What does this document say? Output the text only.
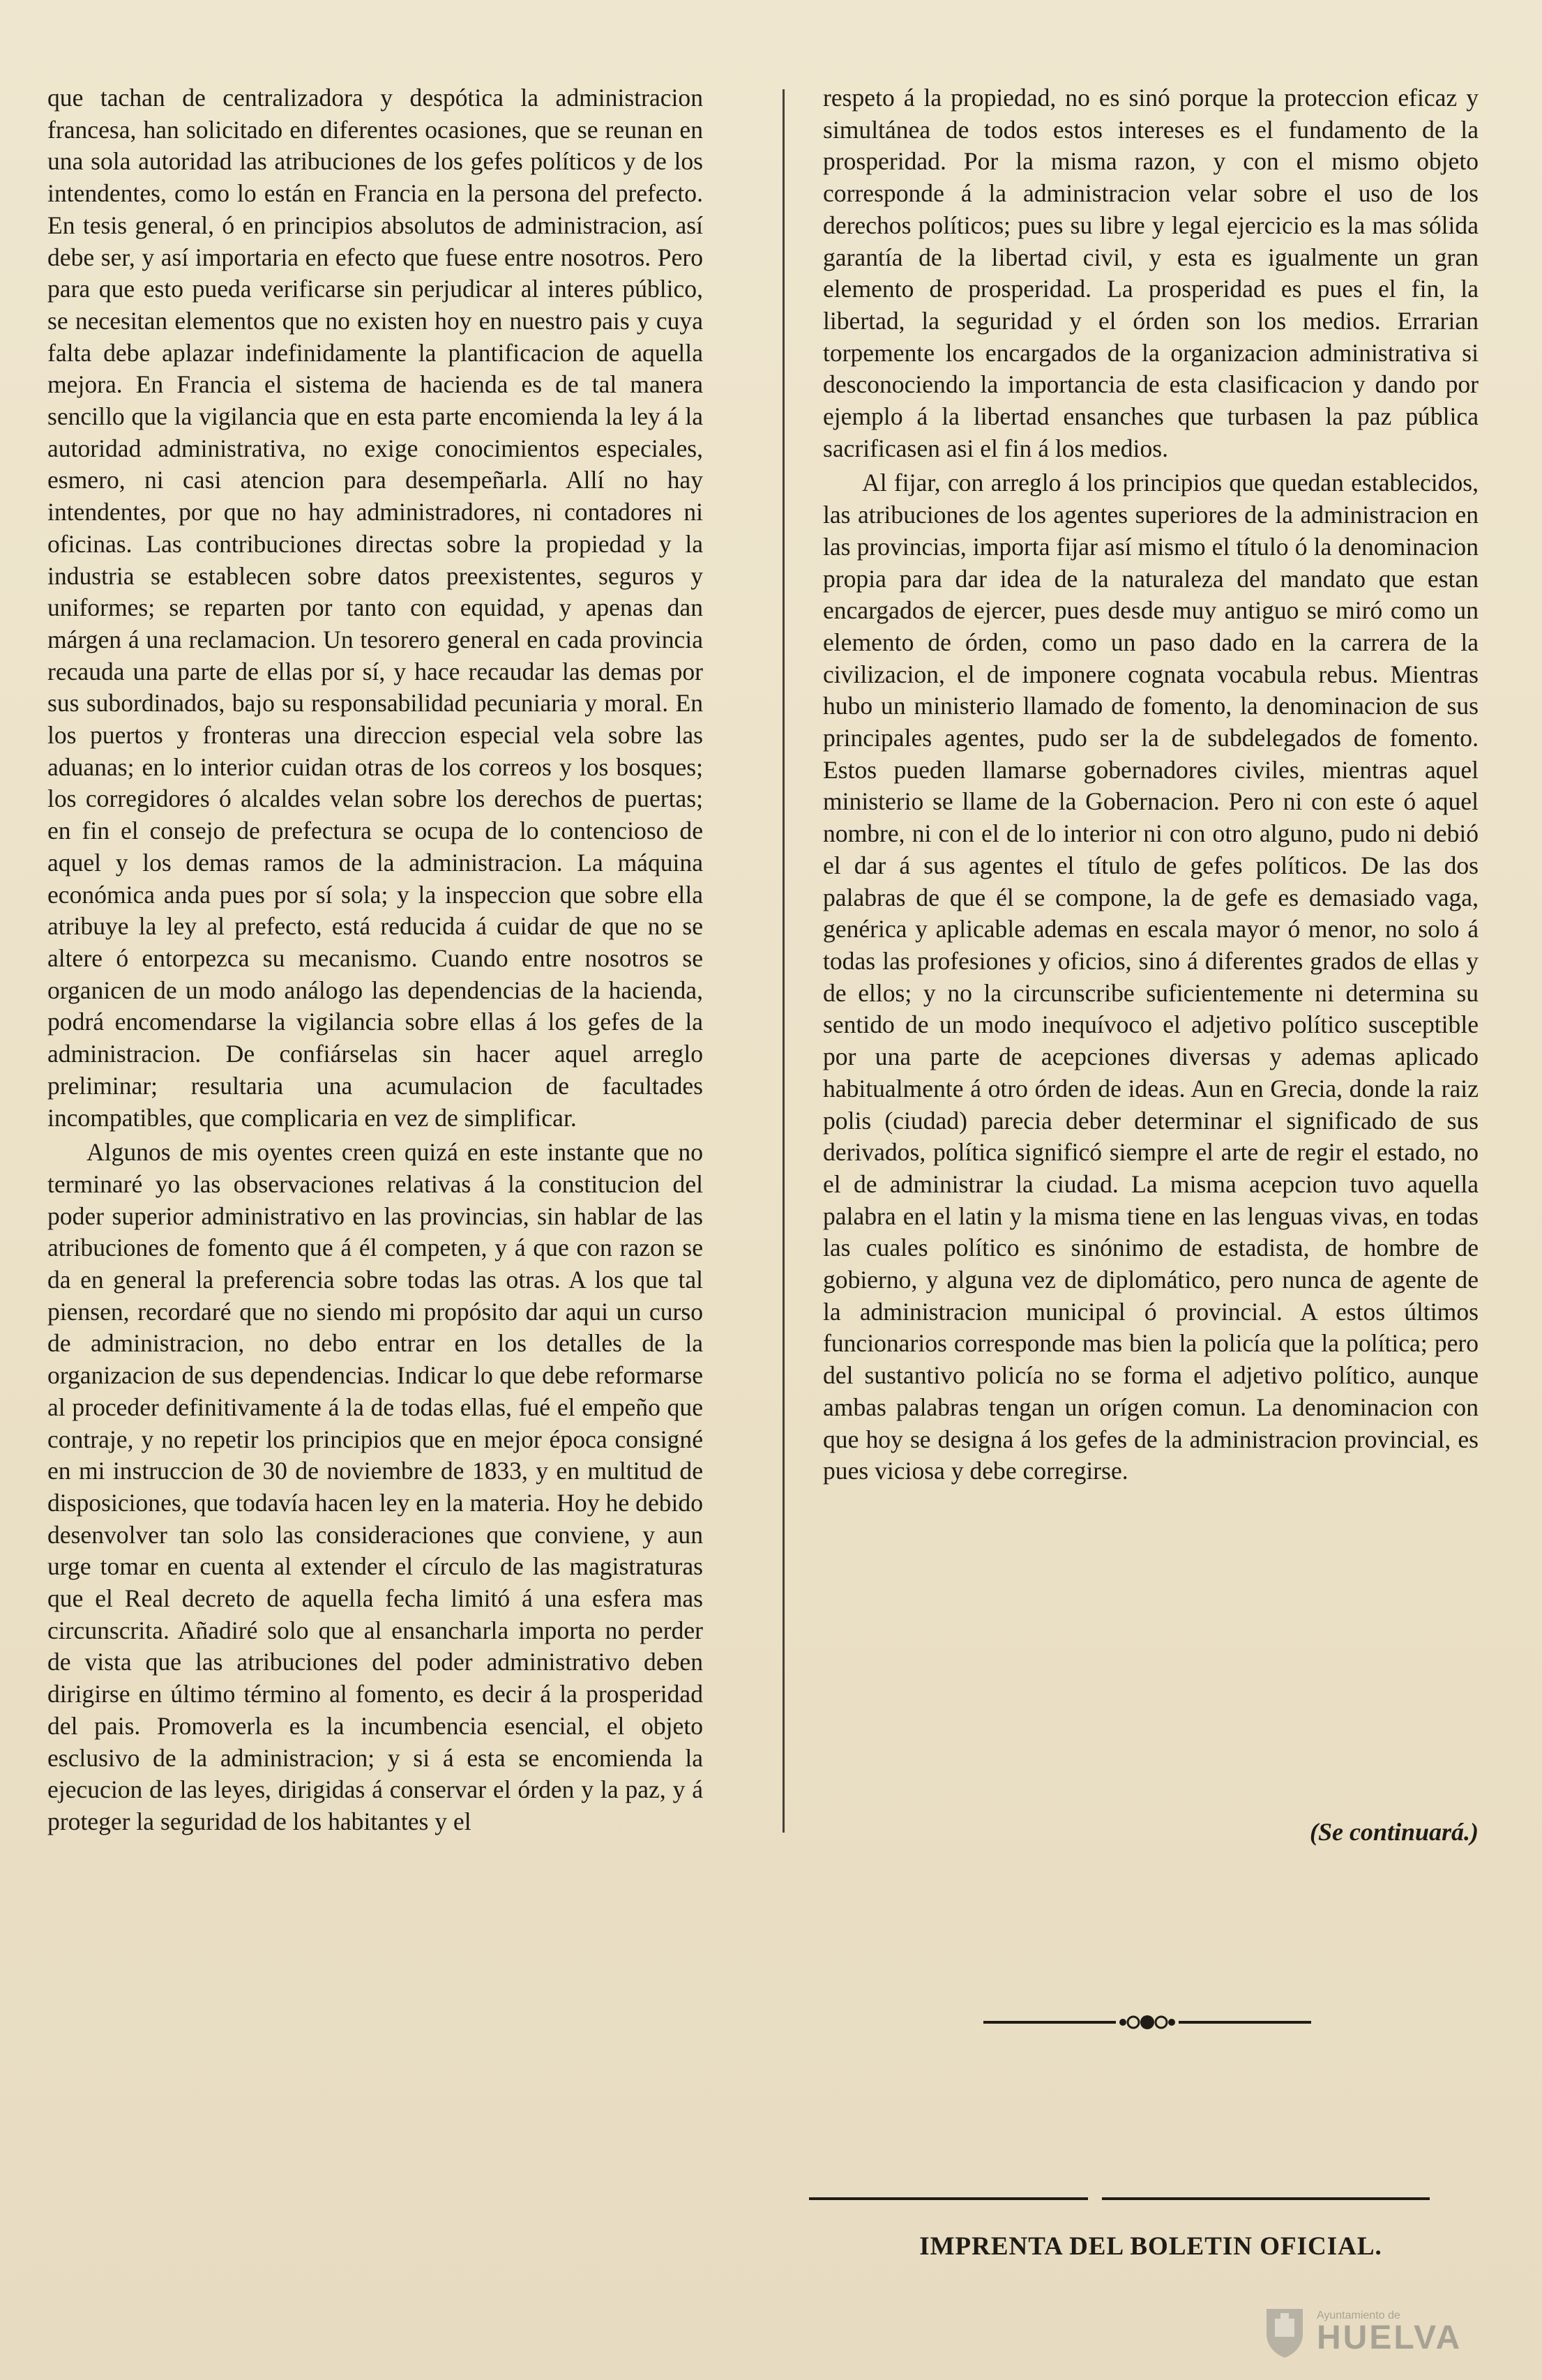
que tachan de centralizadora y despótica la administracion francesa, han solicitado en diferentes ocasiones, que se reunan en una sola autoridad las atribuciones de los gefes políticos y de los intendentes, como lo están en Francia en la persona del prefecto. En tesis general, ó en principios absolutos de administracion, así debe ser, y así importaria en efecto que fuese entre nosotros. Pero para que esto pueda verificarse sin perjudicar al interes público, se necesitan elementos que no existen hoy en nuestro pais y cuya falta debe aplazar indefinidamente la plantificacion de aquella mejora. En Francia el sistema de hacienda es de tal manera sencillo que la vigilancia que en esta parte encomienda la ley á la autoridad administrativa, no exige conocimientos especiales, esmero, ni casi atencion para desempeñarla. Allí no hay intendentes, por que no hay administradores, ni contadores ni oficinas. Las contribuciones directas sobre la propiedad y la industria se establecen sobre datos preexistentes, seguros y uniformes; se reparten por tanto con equidad, y apenas dan márgen á una reclamacion. Un tesorero general en cada provincia recauda una parte de ellas por sí, y hace recaudar las demas por sus subordinados, bajo su responsabilidad pecuniaria y moral. En los puertos y fronteras una direccion especial vela sobre las aduanas; en lo interior cuidan otras de los correos y los bosques; los corregidores ó alcaldes velan sobre los derechos de puertas; en fin el consejo de prefectura se ocupa de lo contencioso de aquel y los demas ramos de la administracion. La máquina económica anda pues por sí sola; y la inspeccion que sobre ella atribuye la ley al prefecto, está reducida á cuidar de que no se altere ó entorpezca su mecanismo. Cuando entre nosotros se organicen de un modo análogo las dependencias de la hacienda, podrá encomendarse la vigilancia sobre ellas á los gefes de la administracion. De confiárselas sin hacer aquel arreglo preliminar; resultaria una acumulacion de facultades incompatibles, que complicaria en vez de simplificar.

Algunos de mis oyentes creen quizá en este instante que no terminaré yo las observaciones relativas á la constitucion del poder superior administrativo en las provincias, sin hablar de las atribuciones de fomento que á él competen, y á que con razon se da en general la preferencia sobre todas las otras. A los que tal piensen, recordaré que no siendo mi propósito dar aqui un curso de administracion, no debo entrar en los detalles de la organizacion de sus dependencias. Indicar lo que debe reformarse al proceder definitivamente á la de todas ellas, fué el empeño que contraje, y no repetir los principios que en mejor época consigné en mi instruccion de 30 de noviembre de 1833, y en multitud de disposiciones, que todavía hacen ley en la materia. Hoy he debido desenvolver tan solo las consideraciones que conviene, y aun urge tomar en cuenta al extender el círculo de las magistraturas que el Real decreto de aquella fecha limitó á una esfera mas circunscrita. Añadiré solo que al ensancharla importa no perder de vista que las atribuciones del poder administrativo deben dirigirse en último término al fomento, es decir á la prosperidad del pais. Promoverla es la incumbencia esencial, el objeto esclusivo de la administracion; y si á esta se encomienda la ejecucion de las leyes, dirigidas á conservar el órden y la paz, y á proteger la seguridad de los habitantes y el

respeto á la propiedad, no es sinó porque la proteccion eficaz y simultánea de todos estos intereses es el fundamento de la prosperidad. Por la misma razon, y con el mismo objeto corresponde á la administracion velar sobre el uso de los derechos políticos; pues su libre y legal ejercicio es la mas sólida garantía de la libertad civil, y esta es igualmente un gran elemento de prosperidad. La prosperidad es pues el fin, la libertad, la seguridad y el órden son los medios. Errarian torpemente los encargados de la organizacion administrativa si desconociendo la importancia de esta clasificacion y dando por ejemplo á la libertad ensanches que turbasen la paz pública sacrificasen asi el fin á los medios.

Al fijar, con arreglo á los principios que quedan establecidos, las atribuciones de los agentes superiores de la administracion en las provincias, importa fijar así mismo el título ó la denominacion propia para dar idea de la naturaleza del mandato que estan encargados de ejercer, pues desde muy antiguo se miró como un elemento de órden, como un paso dado en la carrera de la civilizacion, el de imponere cognata vocabula rebus. Mientras hubo un ministerio llamado de fomento, la denominacion de sus principales agentes, pudo ser la de subdelegados de fomento. Estos pueden llamarse gobernadores civiles, mientras aquel ministerio se llame de la Gobernacion. Pero ni con este ó aquel nombre, ni con el de lo interior ni con otro alguno, pudo ni debió el dar á sus agentes el título de gefes políticos. De las dos palabras de que él se compone, la de gefe es demasiado vaga, genérica y aplicable ademas en escala mayor ó menor, no solo á todas las profesiones y oficios, sino á diferentes grados de ellas y de ellos; y no la circunscribe suficientemente ni determina su sentido de un modo inequívoco el adjetivo político susceptible por una parte de acepciones diversas y ademas aplicado habitualmente á otro órden de ideas. Aun en Grecia, donde la raiz polis (ciudad) parecia deber determinar el significado de sus derivados, política significó siempre el arte de regir el estado, no el de administrar la ciudad. La misma acepcion tuvo aquella palabra en el latin y la misma tiene en las lenguas vivas, en todas las cuales político es sinónimo de estadista, de hombre de gobierno, y alguna vez de diplomático, pero nunca de agente de la administracion municipal ó provincial. A estos últimos funcionarios corresponde mas bien la policía que la política; pero del sustantivo policía no se forma el adjetivo político, aunque ambas palabras tengan un orígen comun. La denominacion con que hoy se designa á los gefes de la administracion provincial, es pues viciosa y debe corregirse.

(Se continuará.)
IMPRENTA DEL BOLETIN OFICIAL.
Ayuntamiento de
HUELVA
